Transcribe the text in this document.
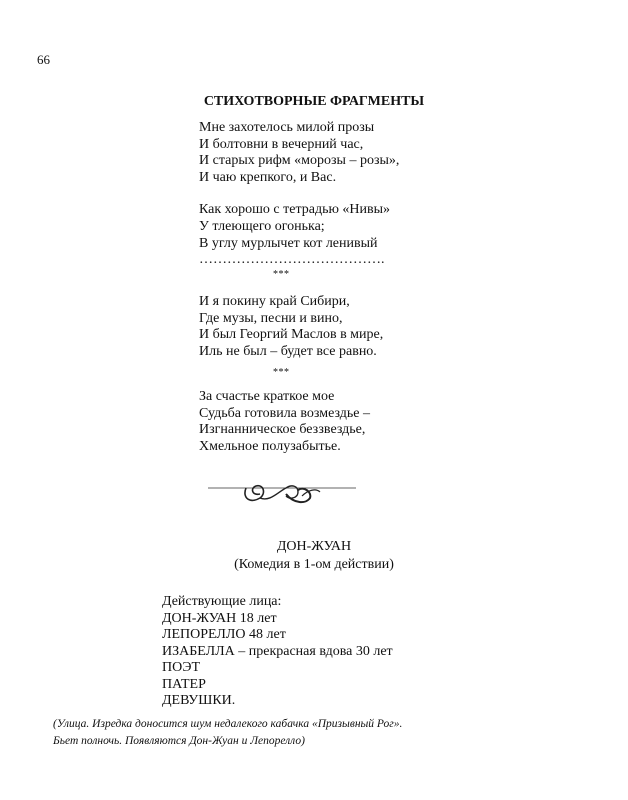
66
СТИХОТВОРНЫЕ ФРАГМЕНТЫ
Мне захотелось милой прозы
И болтовни в вечерний час,
И старых рифм «морозы – розы»,
И чаю крепкого, и Вас.
Как хорошо с тетрадью «Нивы»
У тлеющего огонька;
В углу мурлычет кот ленивый
………………………………….
***
И я покину край Сибири,
Где музы, песни и вино,
И был Георгий Маслов в мире,
Иль не был – будет все равно.
***
За счастье краткое мое
Судьба готовила возмездье –
Изгнанническое беззвездье,
Хмельное полузабытье.
ДОН-ЖУАН
(Комедия в 1-ом действии)
Действующие лица:
ДОН-ЖУАН 18 лет
ЛЕПОРЕЛЛО 48 лет
ИЗАБЕЛЛА – прекрасная вдова 30 лет
ПОЭТ
ПАТЕР
ДЕВУШКИ.
(Улица. Изредка доносится шум недалекого кабачка «Призывный Рог».
Бьет полночь. Появляются Дон-Жуан и Лепорелло)
